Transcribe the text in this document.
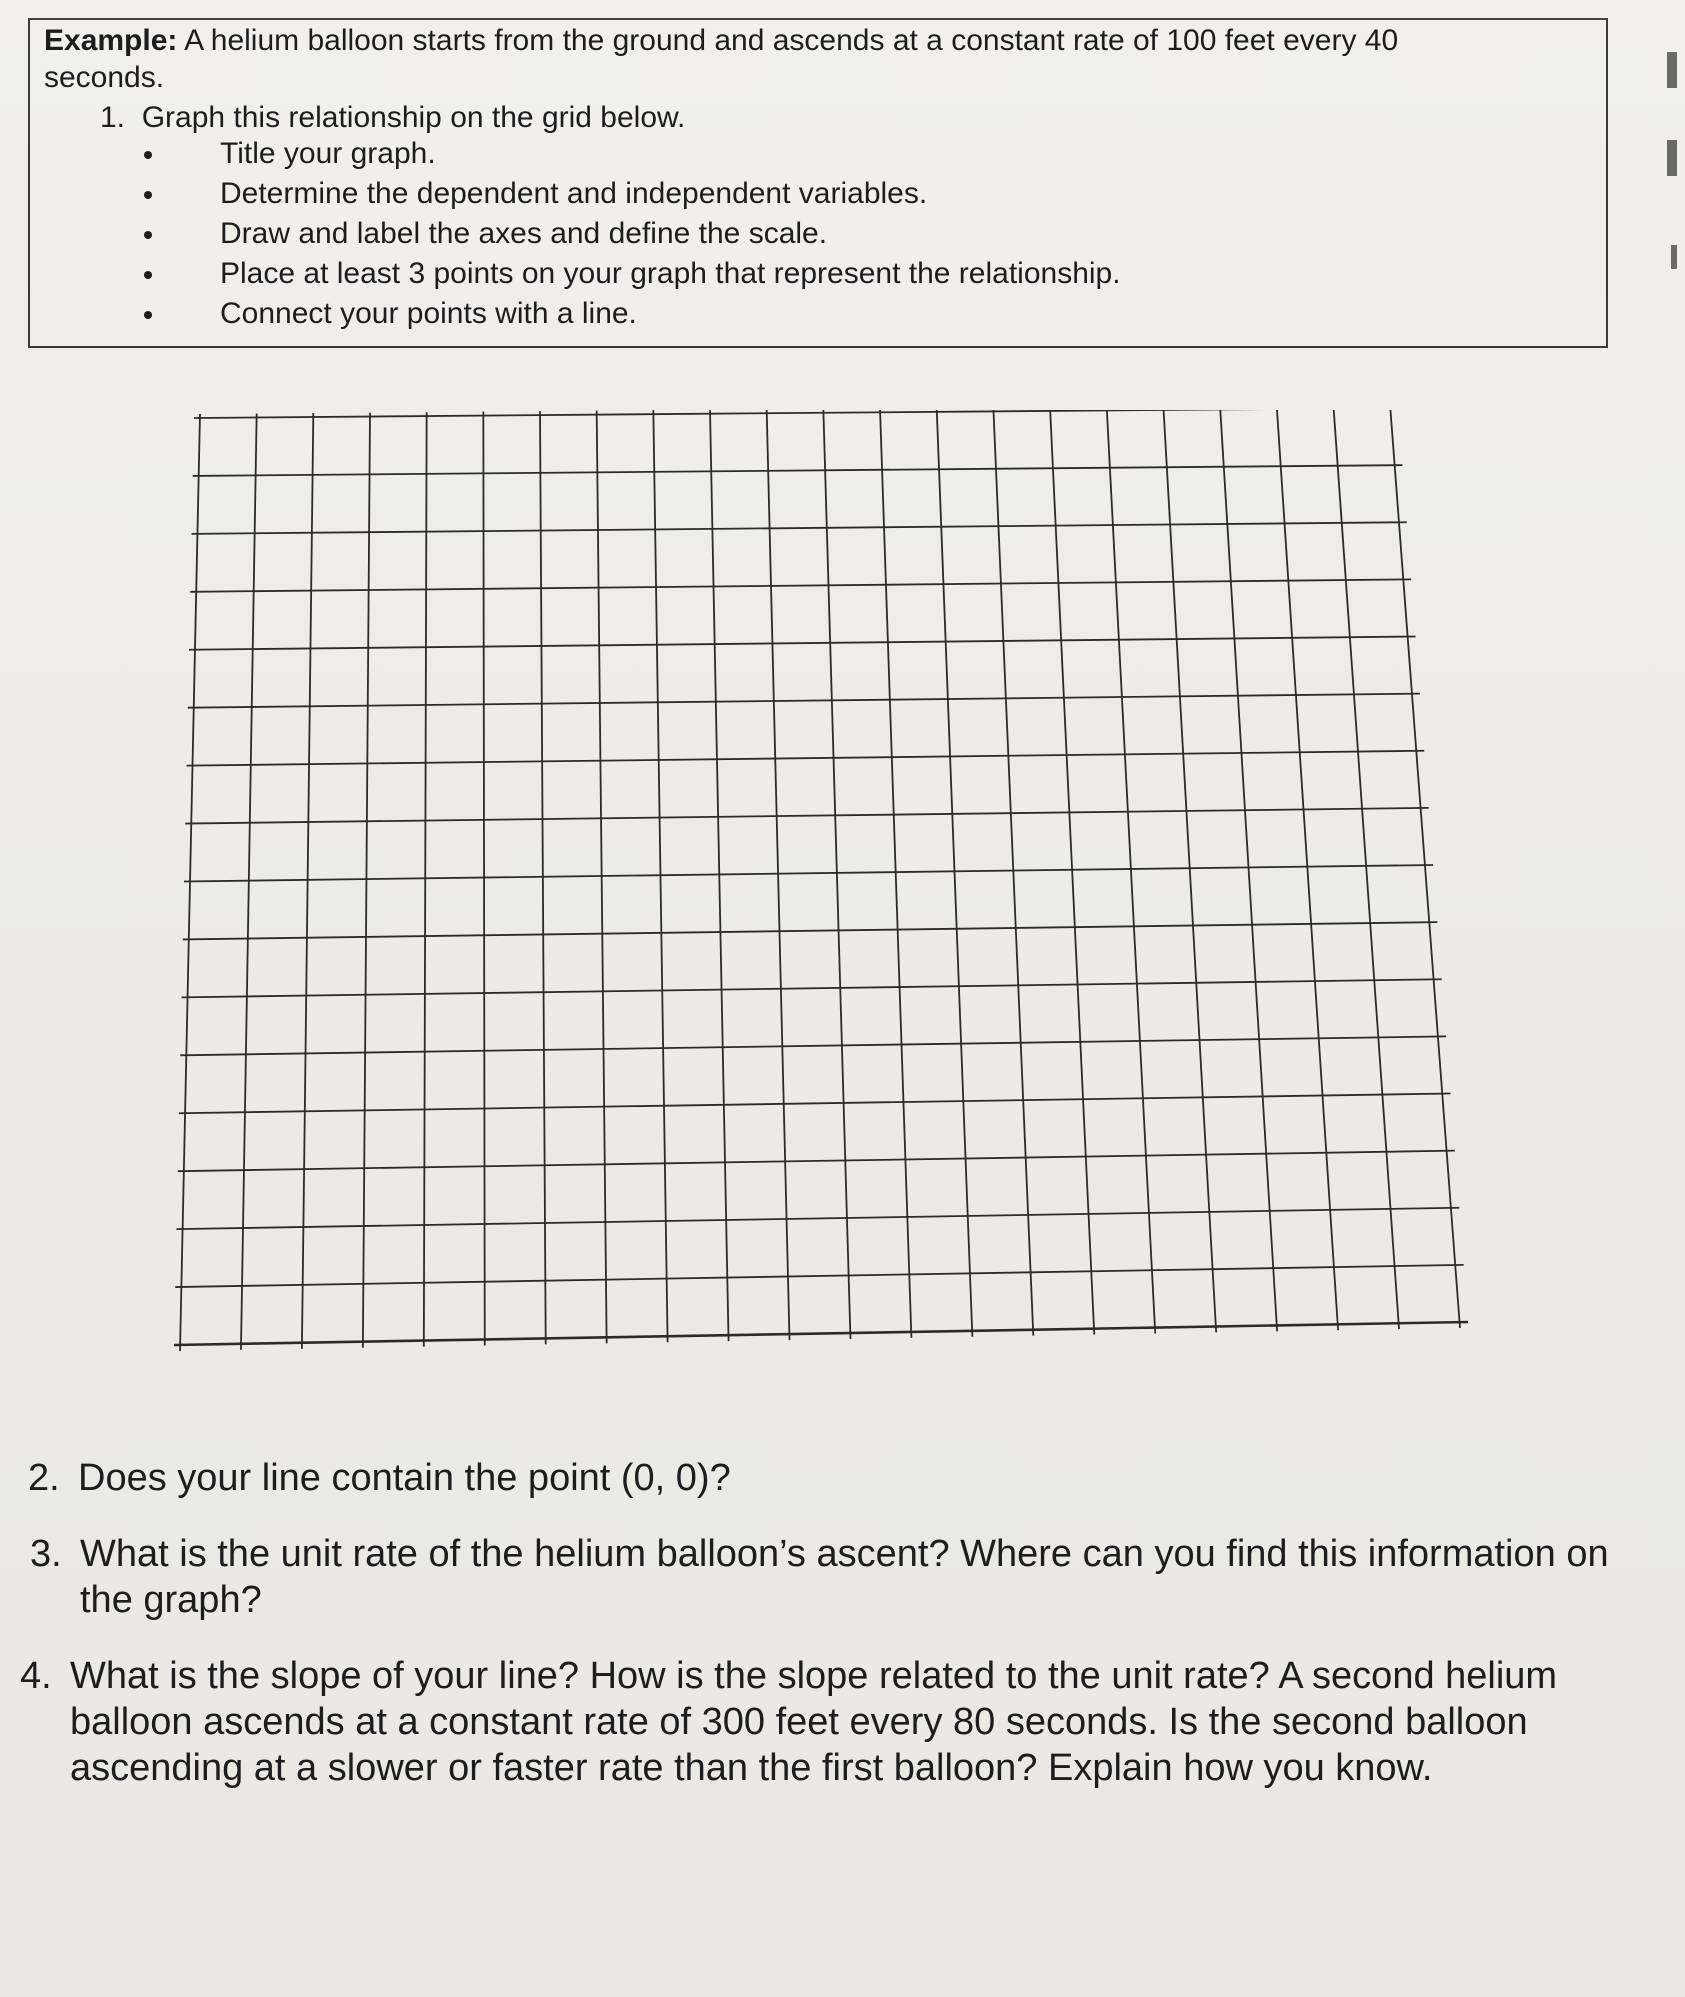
Example: A helium balloon starts from the ground and ascends at a constant rate of 100 feet every 40 seconds.

1. Graph this relationship on the grid below.

Title your graph.
Determine the dependent and independent variables.
Draw and label the axes and define the scale.
Place at least 3 points on your graph that represent the relationship.
Connect your points with a line.

2. Does your line contain the point (0, 0)?

3. What is the unit rate of the helium balloon’s ascent? Where can you find this information on the graph?

4. What is the slope of your line? How is the slope related to the unit rate? A second helium balloon ascends at a constant rate of 300 feet every 80 seconds. Is the second balloon ascending at a slower or faster rate than the first balloon? Explain how you know.
